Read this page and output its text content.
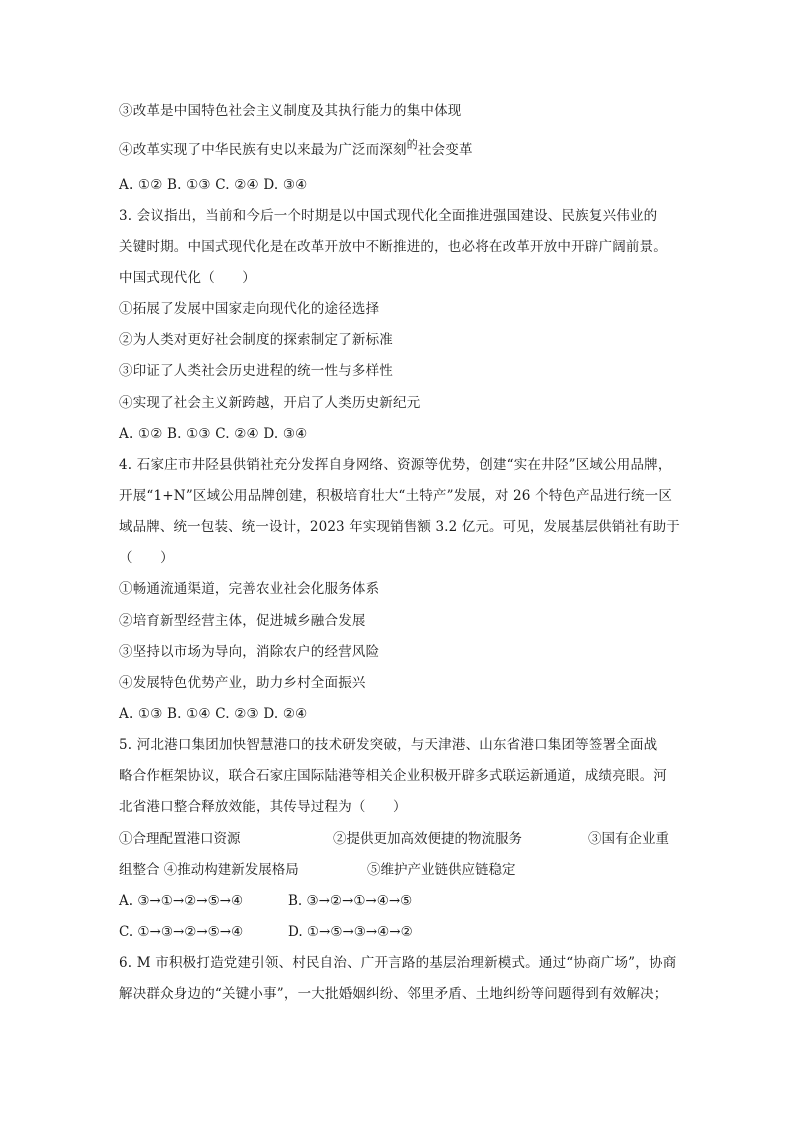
③改革是中国特色社会主义制度及其执行能力的集中体现
④改革实现了中华民族有史以来最为广泛而深刻$^的$社会变革
A. ①② B. ①③ C. ②④ D. ③④
3. 会议指出，当前和今后一个时期是以中国式现代化全面推进强国建设、民族复兴伟业的
关键时期。中国式现代化是在改革开放中不断推进的，也必将在改革开放中开辟广阔前景。
中国式现代化（　　）
①拓展了发展中国家走向现代化的途径选择
②为人类对更好社会制度的探索制定了新标准
③印证了人类社会历史进程的统一性与多样性
④实现了社会主义新跨越，开启了人类历史新纪元
A. ①② B. ①③ C. ②④ D. ③④
4. 石家庄市井陉县供销社充分发挥自身网络、资源等优势，创建“实在井陉”区域公用品牌，
开展“1+N”区域公用品牌创建，积极培育壮大“土特产”发展，对 26 个特色产品进行统一区
域品牌、统一包装、统一设计，2023 年实现销售额 3.2 亿元。可见，发展基层供销社有助于
（　　）
①畅通流通渠道，完善农业社会化服务体系
②培育新型经营主体，促进城乡融合发展
③坚持以市场为导向，消除农户的经营风险
④发展特色优势产业，助力乡村全面振兴
A. ①③ B. ①④ C. ②③ D. ②④
5. 河北港口集团加快智慧港口的技术研发突破，与天津港、山东省港口集团等签署全面战
略合作框架协议，联合石家庄国际陆港等相关企业积极开辟多式联运新通道，成绩亮眼。河
北省港口整合释放效能，其传导过程为（　　）
①合理配置港口资源	②提供更加高效便捷的物流服务	③国有企业重
组整合 ④推动构建新发展格局	⑤维护产业链供应链稳定
A. ③→①→②→⑤→④	B. ③→②→①→④→⑤
C. ①→③→②→⑤→④	D. ①→⑤→③→④→②
6. M 市积极打造党建引领、村民自治、广开言路的基层治理新模式。通过“协商广场”，协商
解决群众身边的“关键小事”，一大批婚姻纠纷、邻里矛盾、土地纠纷等问题得到有效解决；
